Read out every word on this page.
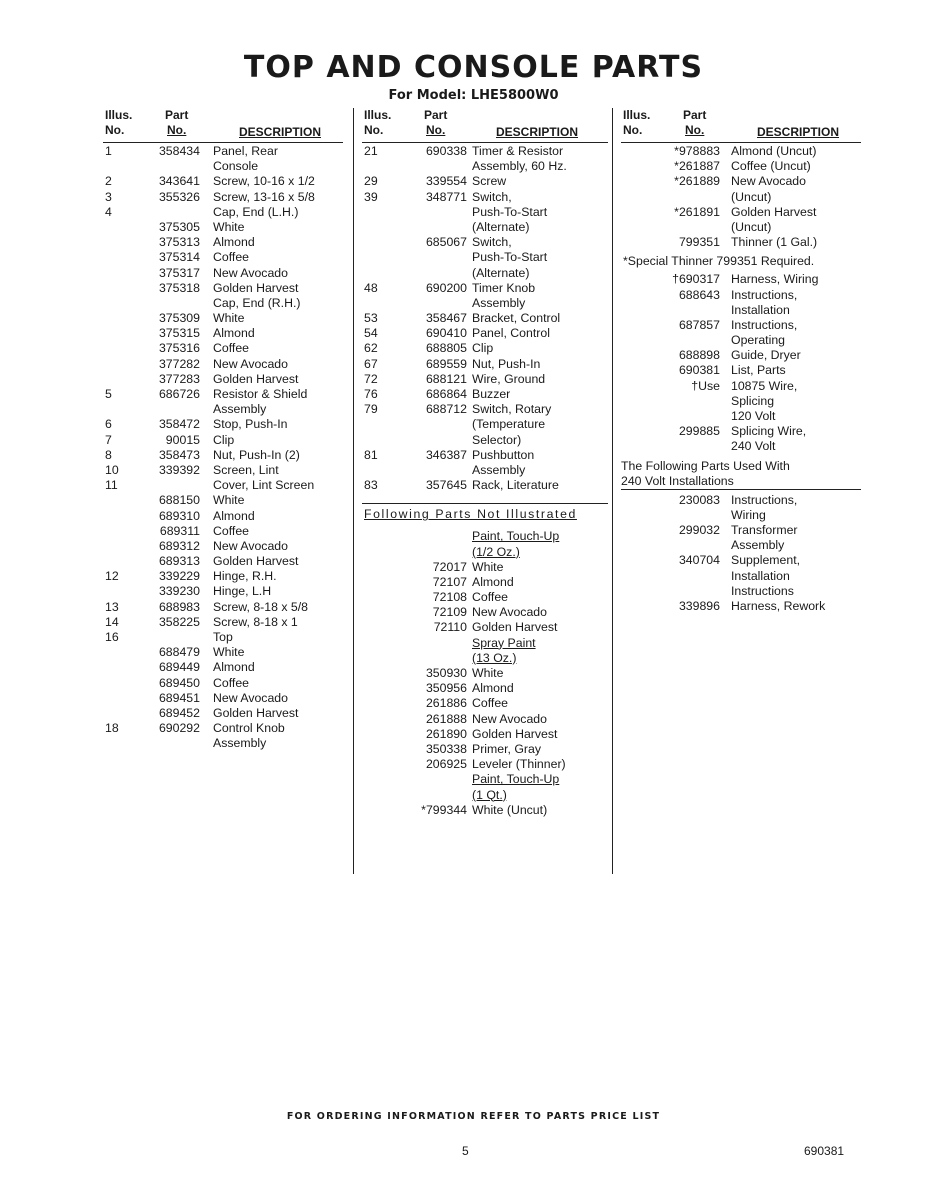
TOP AND CONSOLE PARTS
For Model: LHE5800W0
Illus.
No.
Part
No.	DESCRIPTION
1	358434 Panel, Rear
Console
2	343641 Screw, 10-16 x 1/2
3	355326 Screw, 13-16 x 5/8
4	Cap, End (L.H.)
375305 White
375313 Almond
375314 Coffee
375317 New Avocado
375318 Golden Harvest
Cap, End (R.H.)
375309 White
375315 Almond
375316 Coffee
377282 New Avocado
377283 Golden Harvest
5	686726 Resistor & Shield
Assembly
6	358472 Stop, Push-In
7	90015 Clip
8	358473 Nut, Push-In (2)
10	339392 Screen, Lint
11	Cover, Lint Screen
688150 White
689310 Almond
689311 Coffee
689312 New Avocado
689313 Golden Harvest
12	339229 Hinge, R.H.
339230 Hinge, L.H
13	688983 Screw, 8-18 x 5/8
14	358225 Screw, 8-18 x 1
16	Top
688479 White
689449 Almond
689450 Coffee
689451 New Avocado
689452 Golden Harvest
18	690292 Control Knob
Assembly
Illus.
No.
Part
No.	DESCRIPTION
21	690338 Timer & Resistor
Assembly, 60 Hz.
29	339554 Screw
39	348771 Switch,
Push-To-Start
(Alternate)
685067 Switch,
Push-To-Start
(Alternate)
48	690200 Timer Knob
Assembly
53	358467 Bracket, Control
54	690410 Panel, Control
62	688805 Clip
67	689559 Nut, Push-In
72	688121 Wire, Ground
76	686864 Buzzer
79	688712 Switch, Rotary
(Temperature
Selector)
81	346387 Pushbutton
Assembly
83	357645 Rack, Literature
Following Parts Not Illustrated
Paint, Touch-Up
(1/2 Oz.)
72017 White
72107 Almond
72108 Coffee
72109 New Avocado
72110 Golden Harvest
Spray Paint
(13 Oz.)
350930 White
350956 Almond
261886 Coffee
261888 New Avocado
261890 Golden Harvest
350338 Primer, Gray
206925 Leveler (Thinner)
Paint, Touch-Up
(1 Qt.)
*799344 White (Uncut)
Illus.
No.
Part
No.	DESCRIPTION
*978883 Almond (Uncut)
*261887 Coffee (Uncut)
*261889 New Avocado
(Uncut)
*261891 Golden Harvest
(Uncut)
799351 Thinner (1 Gal.)
*Special Thinner 799351 Required.
†690317 Harness, Wiring
688643 Instructions,
Installation
687857 Instructions,
Operating
688898 Guide, Dryer
690381 List, Parts
†Use 10875 Wire,
Splicing
120 Volt
299885 Splicing Wire,
240 Volt
The Following Parts Used With
240 Volt Installations
230083 Instructions,
Wiring
299032 Transformer
Assembly
340704 Supplement,
Installation
Instructions
339896 Harness, Rework
FOR ORDERING INFORMATION REFER TO PARTS PRICE LIST
5	690381
